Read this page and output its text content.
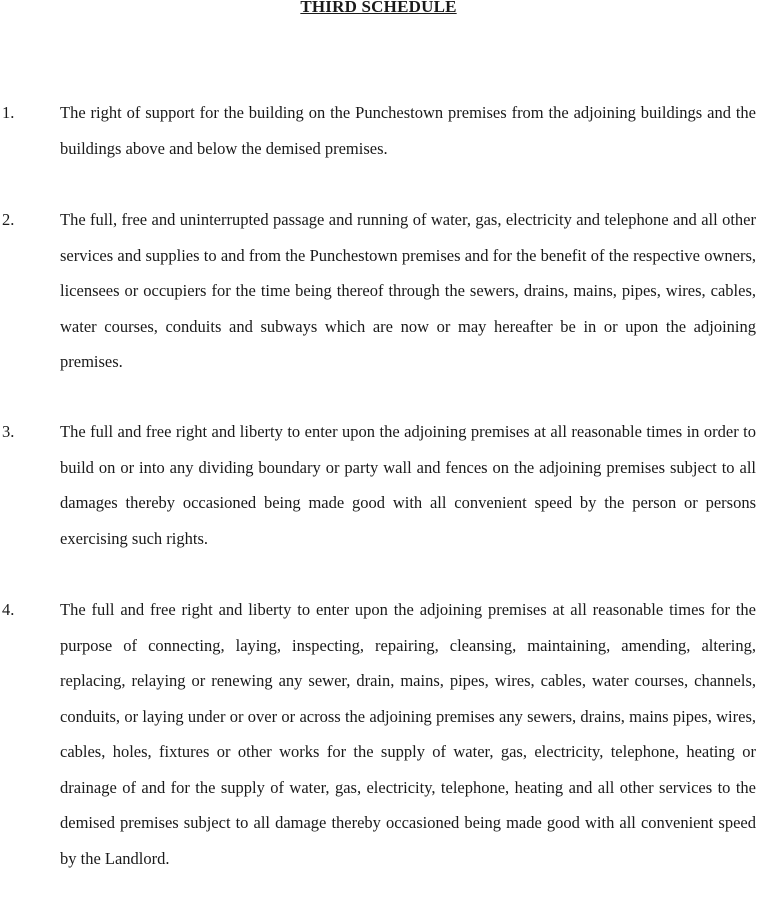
THIRD SCHEDULE
1.	The right of support for the building on the Punchestown premises from the adjoining buildings and the buildings above and below the demised premises.

2.	The full, free and uninterrupted passage and running of water, gas, electricity and telephone and all other services and supplies to and from the Punchestown premises and for the benefit of the respective owners, licensees or occupiers for the time being thereof through the sewers, drains, mains, pipes, wires, cables, water courses, conduits and subways which are now or may hereafter be in or upon the adjoining premises.

3.	The full and free right and liberty to enter upon the adjoining premises at all reasonable times in order to build on or into any dividing boundary or party wall and fences on the adjoining premises subject to all damages thereby occasioned being made good with all convenient speed by the person or persons exercising such rights.

4.	The full and free right and liberty to enter upon the adjoining premises at all reasonable times for the purpose of connecting, laying, inspecting, repairing, cleansing, maintaining, amending, altering, replacing, relaying or renewing any sewer, drain, mains, pipes, wires, cables, water courses, channels, conduits, or laying under or over or across the adjoining premises any sewers, drains, mains pipes, wires, cables, holes, fixtures or other works for the supply of water, gas, electricity, telephone, heating or drainage of and for the supply of water, gas, electricity, telephone, heating and all other services to the demised premises subject to all damage thereby occasioned being made good with all convenient speed by the Landlord.
